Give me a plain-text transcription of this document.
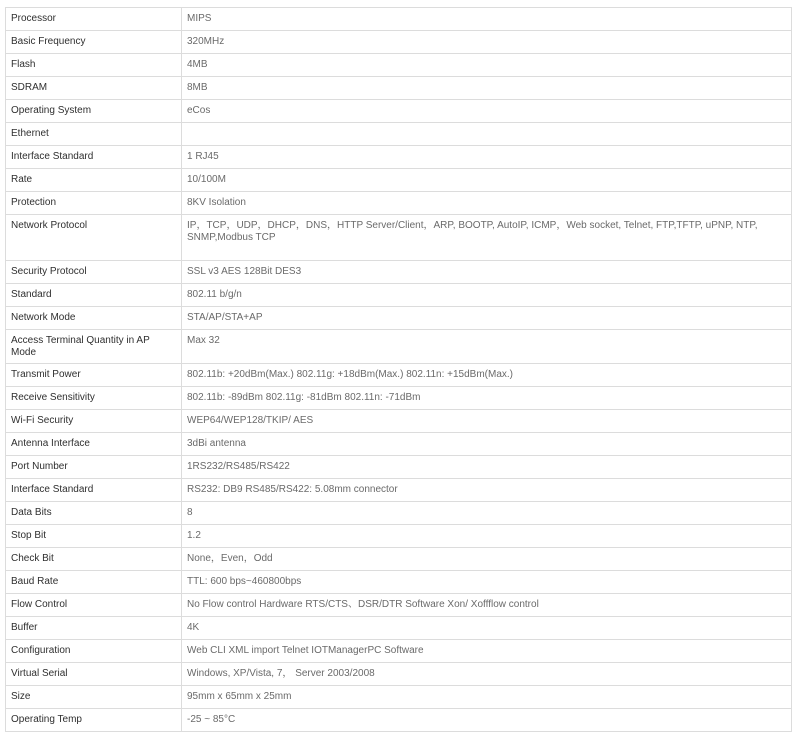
Processor	MIPS
Basic Frequency	320MHz
Flash	4MB
SDRAM	8MB
Operating System	eCos
Ethernet	
Interface Standard	1 RJ45
Rate	10/100M
Protection	8KV Isolation
Network Protocol	IP，TCP，UDP，DHCP，DNS，HTTP Server/Client，ARP, BOOTP, AutoIP, ICMP，Web socket, Telnet, FTP,TFTP, uPNP, NTP, SNMP,Modbus TCP
Security Protocol	SSL v3 AES 128Bit DES3
Standard	802.11 b/g/n
Network Mode	STA/AP/STA+AP
Access Terminal Quantity in AP Mode	Max 32
Transmit Power	802.11b: +20dBm(Max.) 802.11g: +18dBm(Max.) 802.11n: +15dBm(Max.)
Receive Sensitivity	802.11b: -89dBm 802.11g: -81dBm 802.11n: -71dBm
Wi-Fi Security	WEP64/WEP128/TKIP/ AES
Antenna Interface	3dBi antenna
Port Number	1RS232/RS485/RS422
Interface Standard	RS232: DB9 RS485/RS422: 5.08mm connector
Data Bits	8
Stop Bit	1.2
Check Bit	None，Even，Odd
Baud Rate	TTL: 600 bps~460800bps
Flow Control	No Flow control Hardware RTS/CTS、DSR/DTR Software Xon/ Xoffflow control
Buffer	4K
Configuration	Web CLI XML import Telnet IOTManagerPC Software
Virtual Serial	Windows, XP/Vista, 7， Server 2003/2008
Size	95mm x 65mm x 25mm
Operating Temp	-25 ~ 85°C
